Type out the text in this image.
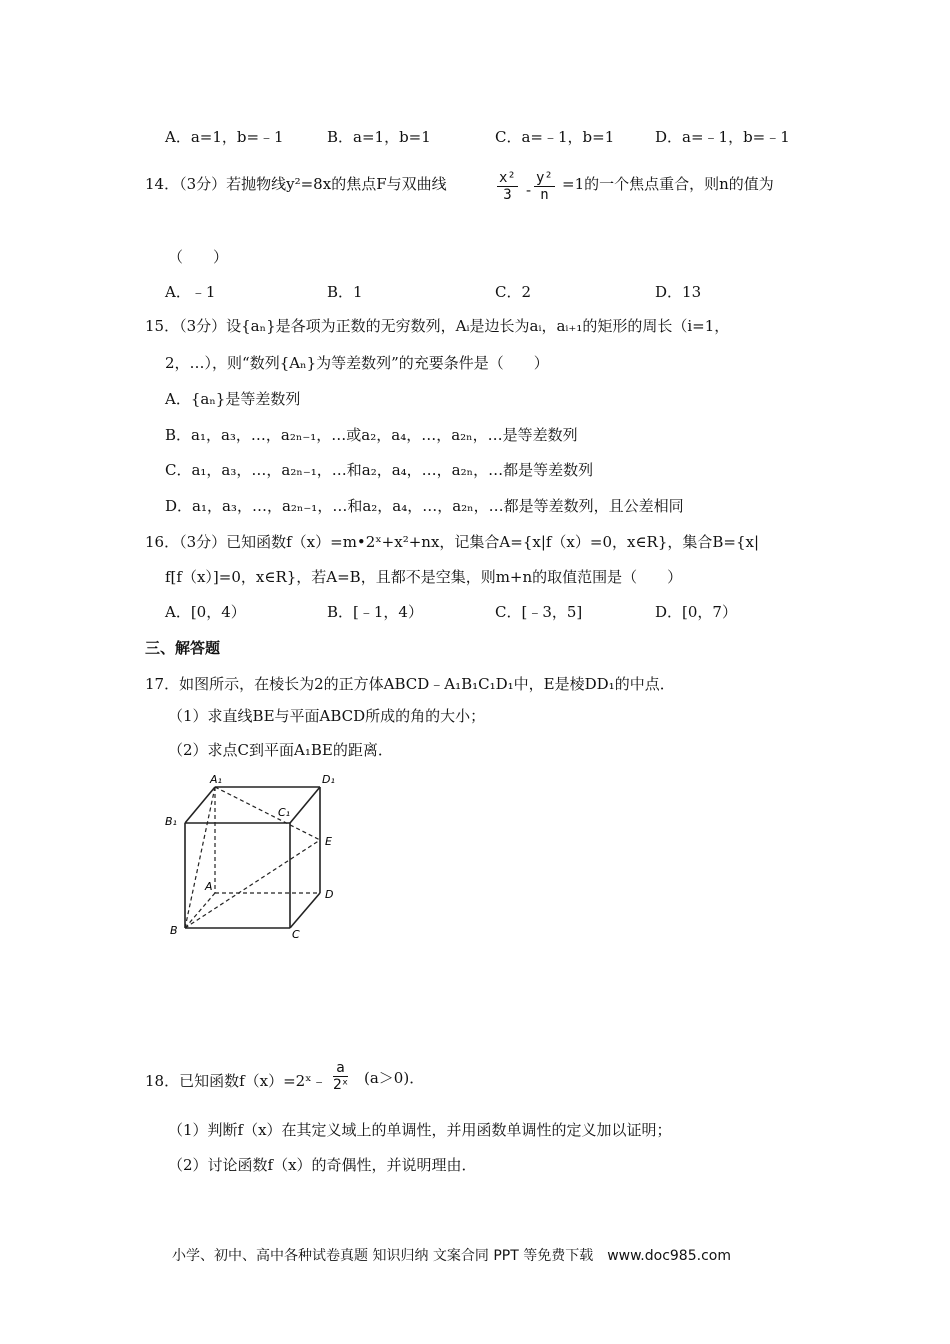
A．a=1，b=﹣1	B．a=1，b=1	C．a=﹣1，b=1	D．a=﹣1，b=﹣1
14．（3分）若抛物线y²=8x的焦点F与双曲线	$\frac{\text{x²}}{3} - \frac{\text{y²}}{n} =1$的一个焦点重合，则n的值为
（　　）
A．﹣1	B．1	C．2	D．13
15．（3分）设{aₙ}是各项为正数的无穷数列，Aᵢ是边长为aᵢ，aᵢ₊₁的矩形的周长（i=1，
2，…），则“数列{Aₙ}为等差数列”的充要条件是（　　）
A．{aₙ}是等差数列
B．a₁，a₃，…，a₂ₙ₋₁，…或a₂，a₄，…，a₂ₙ，…是等差数列
C．a₁，a₃，…，a₂ₙ₋₁，…和a₂，a₄，…，a₂ₙ，…都是等差数列
D．a₁，a₃，…，a₂ₙ₋₁，…和a₂，a₄，…，a₂ₙ，…都是等差数列，且公差相同
16．（3分）已知函数f（x）=m•2ˣ+x²+nx，记集合A={x|f（x）=0，x∈R}，集合B={x|
f[f（x）]=0，x∈R}，若A=B，且都不是空集，则m+n的取值范围是（　　）
A．[0，4）	B．[﹣1，4）	C．[﹣3，5]	D．[0，7）
三、解答题
17．如图所示，在棱长为2的正方体ABCD﹣A₁B₁C₁D₁中，E是棱DD₁的中点．
（1）求直线BE与平面ABCD所成的角的大小；
（2）求点C到平面A₁BE的距离．
A₁	D₁
B₁
C₁
E
A
D
B	C
18．已知函数f（x）=2ˣ﹣ $\frac{a}{\text{2ˣ}} (a>0)$．
（1）判断f（x）在其定义域上的单调性，并用函数单调性的定义加以证明；
（2）讨论函数f（x）的奇偶性，并说明理由．
小学、初中、高中各种试卷真题 知识归纳 文案合同 PPT 等免费下载　www.doc985.com
